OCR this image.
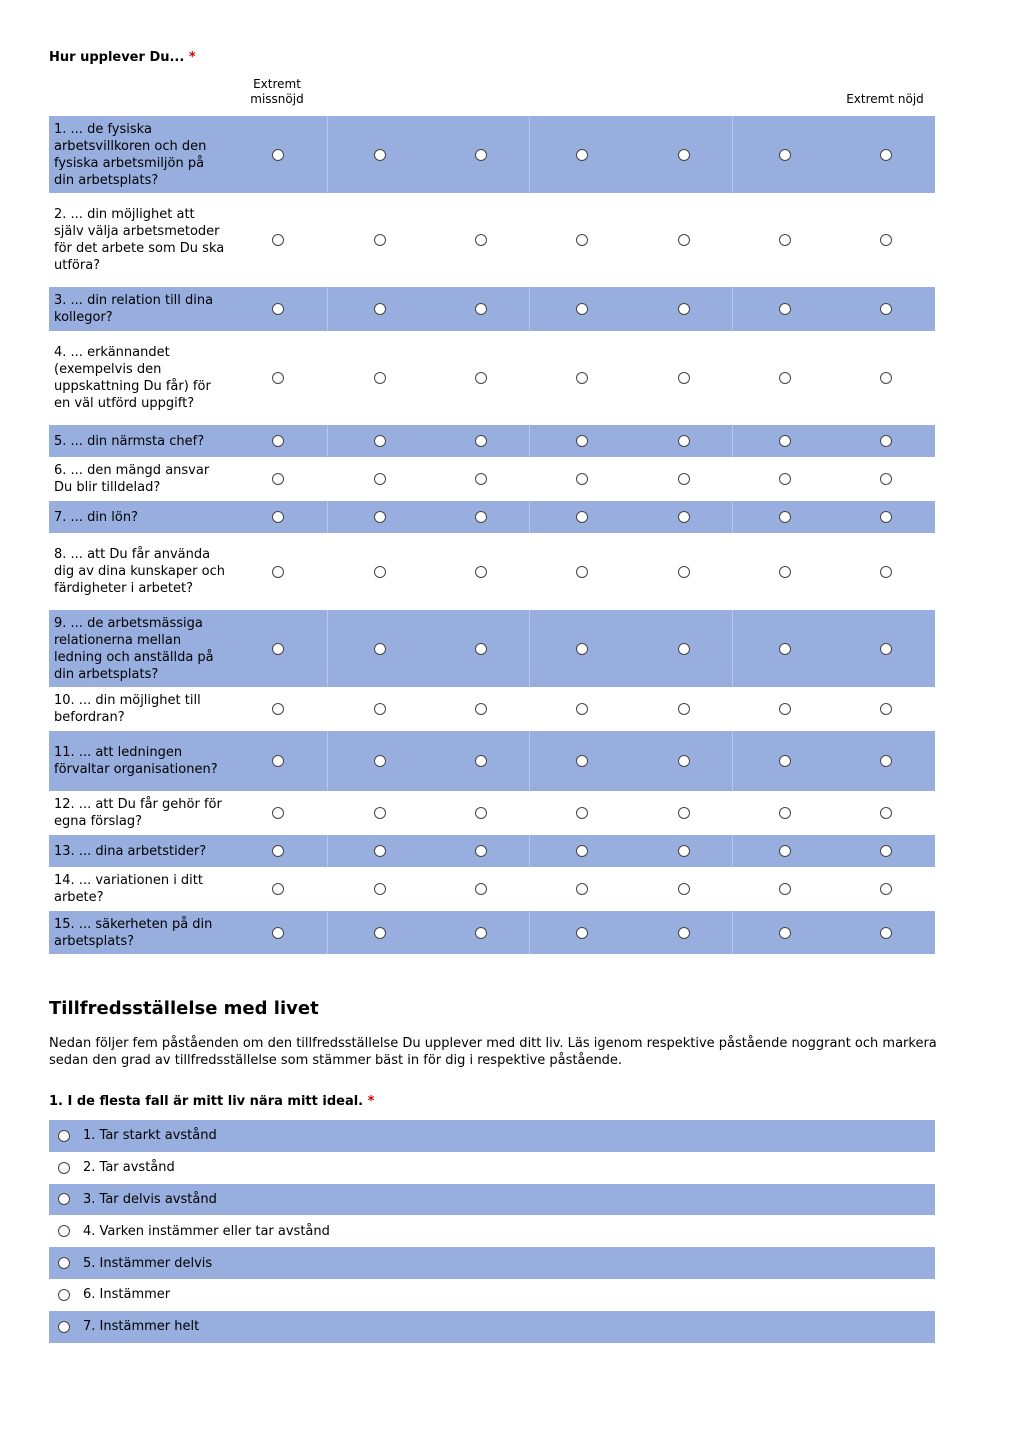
Hur upplever Du... *
Extremt missnöjd	Extremt nöjd
1. ... de fysiska arbetsvillkoren och den fysiska arbetsmiljön på din arbetsplats?
2. ... din möjlighet att själv välja arbetsmetoder för det arbete som Du ska utföra?
3. ... din relation till dina kollegor?
4. ... erkännandet (exempelvis den uppskattning Du får) för en väl utförd uppgift?
5. ... din närmsta chef?
6. ... den mängd ansvar Du blir tilldelad?
7. ... din lön?
8. ... att Du får använda dig av dina kunskaper och färdigheter i arbetet?
9. ... de arbetsmässiga relationerna mellan ledning och anställda på din arbetsplats?
10. ... din möjlighet till befordran?
11. ... att ledningen förvaltar organisationen?
12. ... att Du får gehör för egna förslag?
13. ... dina arbetstider?
14. ... variationen i ditt arbete?
15. ... säkerheten på din arbetsplats?
Tillfredsställelse med livet
Nedan följer fem påståenden om den tillfredsställelse Du upplever med ditt liv. Läs igenom respektive påstående noggrant och markera sedan den grad av tillfredsställelse som stämmer bäst in för dig i respektive påstående.
1. I de flesta fall är mitt liv nära mitt ideal. *
1. Tar starkt avstånd
2. Tar avstånd
3. Tar delvis avstånd
4. Varken instämmer eller tar avstånd
5. Instämmer delvis
6. Instämmer
7. Instämmer helt
